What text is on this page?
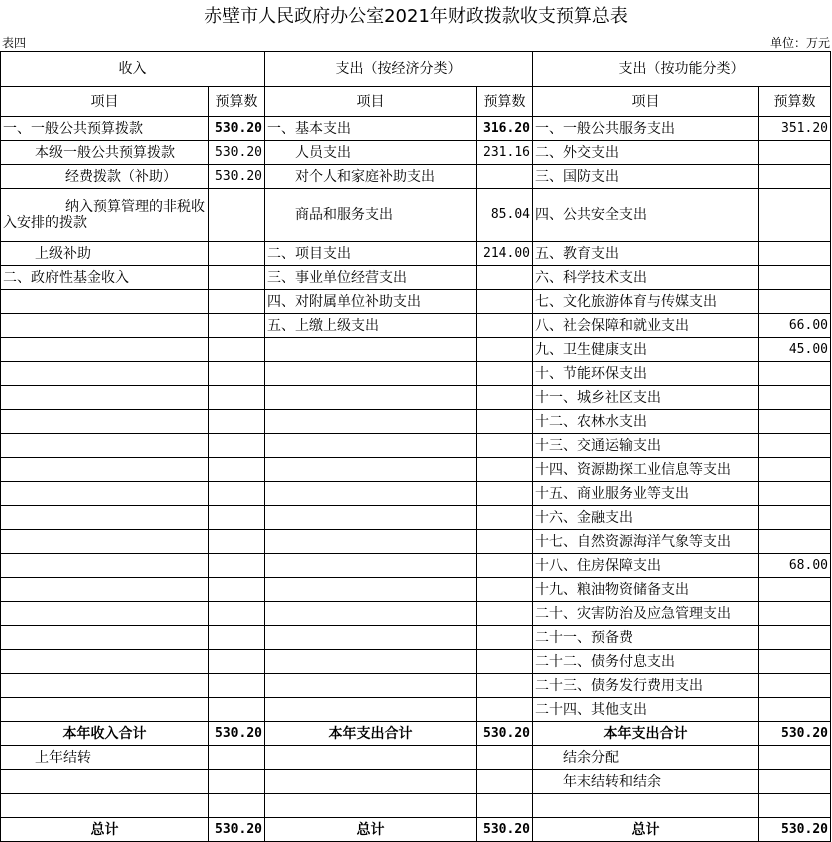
赤壁市人民政府办公室2021年财政拨款收支预算总表
表四	单位：万元
收入		支出（按经济分类）		支出（按功能分类）	
项目	预算数	项目	预算数	项目	预算数
一、一般公共预算拨款	530.20	一、基本支出	316.20	一、一般公共服务支出	351.20
本级一般公共预算拨款	530.20	人员支出	231.16	二、外交支出	
经费拨款（补助）	530.20	对个人和家庭补助支出		三、国防支出	
纳入预算管理的非税收入安排的拨款		商品和服务支出	85.04	四、公共安全支出	
上级补助		二、项目支出	214.00	五、教育支出	
二、政府性基金收入		三、事业单位经营支出		六、科学技术支出	
		四、对附属单位补助支出		七、文化旅游体育与传媒支出	
		五、上缴上级支出		八、社会保障和就业支出	66.00
				九、卫生健康支出	45.00
				十、节能环保支出	
				十一、城乡社区支出	
				十二、农林水支出	
				十三、交通运输支出	
				十四、资源勘探工业信息等支出	
				十五、商业服务业等支出	
				十六、金融支出	
				十七、自然资源海洋气象等支出	
				十八、住房保障支出	68.00
				十九、粮油物资储备支出	
				二十、灾害防治及应急管理支出	
				二十一、预备费	
				二十二、债务付息支出	
				二十三、债务发行费用支出	
				二十四、其他支出	
本年收入合计	530.20	本年支出合计	530.20	本年支出合计	530.20
上年结转				结余分配	
				年末结转和结余	

总计	530.20	总计	530.20	总计	530.20
